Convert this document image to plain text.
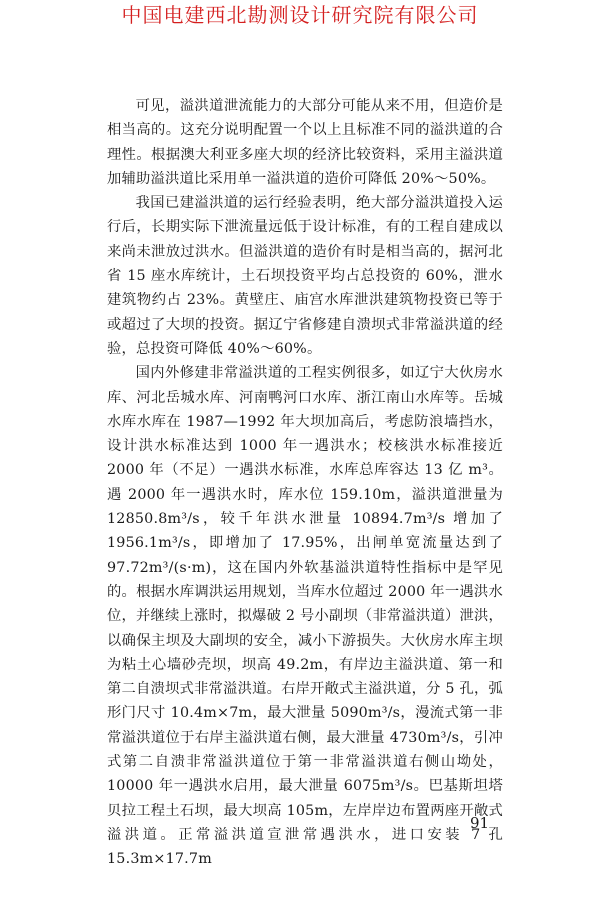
中国电建西北勘测设计研究院有限公司

可见，溢洪道泄流能力的大部分可能从来不用，但造价是相当高的。这充分说明配置一个以上且标准不同的溢洪道的合理性。根据澳大利亚多座大坝的经济比较资料，采用主溢洪道加辅助溢洪道比采用单一溢洪道的造价可降低 20%～50%。

我国已建溢洪道的运行经验表明，绝大部分溢洪道投入运行后，长期实际下泄流量远低于设计标准，有的工程自建成以来尚未泄放过洪水。但溢洪道的造价有时是相当高的，据河北省 15 座水库统计，土石坝投资平均占总投资的 60%，泄水建筑物约占 23%。黄壁庄、庙宫水库泄洪建筑物投资已等于或超过了大坝的投资。据辽宁省修建自溃坝式非常溢洪道的经验，总投资可降低 40%～60%。

国内外修建非常溢洪道的工程实例很多，如辽宁大伙房水库、河北岳城水库、河南鸭河口水库、浙江南山水库等。岳城水库水库在 1987—1992 年大坝加高后，考虑防浪墙挡水，设计洪水标准达到 1000 年一遇洪水；校核洪水标准接近 2000 年（不足）一遇洪水标准，水库总库容达 13 亿 m³。遇 2000 年一遇洪水时，库水位 159.10m，溢洪道泄量为 12850.8m³/s，较千年洪水泄量 10894.7m³/s 增加了 1956.1m³/s，即增加了 17.95%，出闸单宽流量达到了 97.72m³/(s·m)，这在国内外软基溢洪道特性指标中是罕见的。根据水库调洪运用规划，当库水位超过 2000 年一遇洪水位，并继续上涨时，拟爆破 2 号小副坝（非常溢洪道）泄洪，以确保主坝及大副坝的安全，减小下游损失。大伙房水库主坝为粘土心墙砂壳坝，坝高 49.2m，有岸边主溢洪道、第一和第二自溃坝式非常溢洪道。右岸开敞式主溢洪道，分 5 孔，弧形门尺寸 10.4m×7m，最大泄量 5090m³/s，漫流式第一非常溢洪道位于右岸主溢洪道右侧，最大泄量 4730m³/s，引冲式第二自溃非常溢洪道位于第一非常溢洪道右侧山坳处，10000 年一遇洪水启用，最大泄量 6075m³/s。巴基斯坦塔贝拉工程土石坝，最大坝高 105m，左岸岸边布置两座开敞式溢洪道。正常溢洪道宣泄常遇洪水，进口安装 7 孔 15.3m×17.7m

91
